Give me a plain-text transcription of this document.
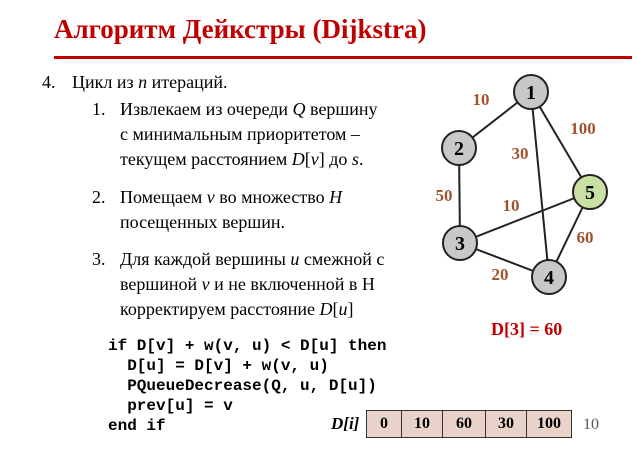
Алгоритм Дейкстры (Dijkstra)
4. Цикл из n итераций.
1. Извлекаем из очереди Q вершину
с минимальным приоритетом –
текущем расстоянием D[v] до s.
2. Помещаем v во множество H
посещенных вершин.
3. Для каждой вершины u смежной с
вершиной v и не включенной в Н
корректируем расстояние D[u]
if D[v] + w(v, u) < D[u] then
D[u] = D[v] + w(v, u)
PQueueDecrease(Q, u, D[u])
prev[u] = v
end if
10
100
30
50
10
20
60
1
2
3
4
5
D[3] = 60
D[i] 0	10	60	30	100 10
